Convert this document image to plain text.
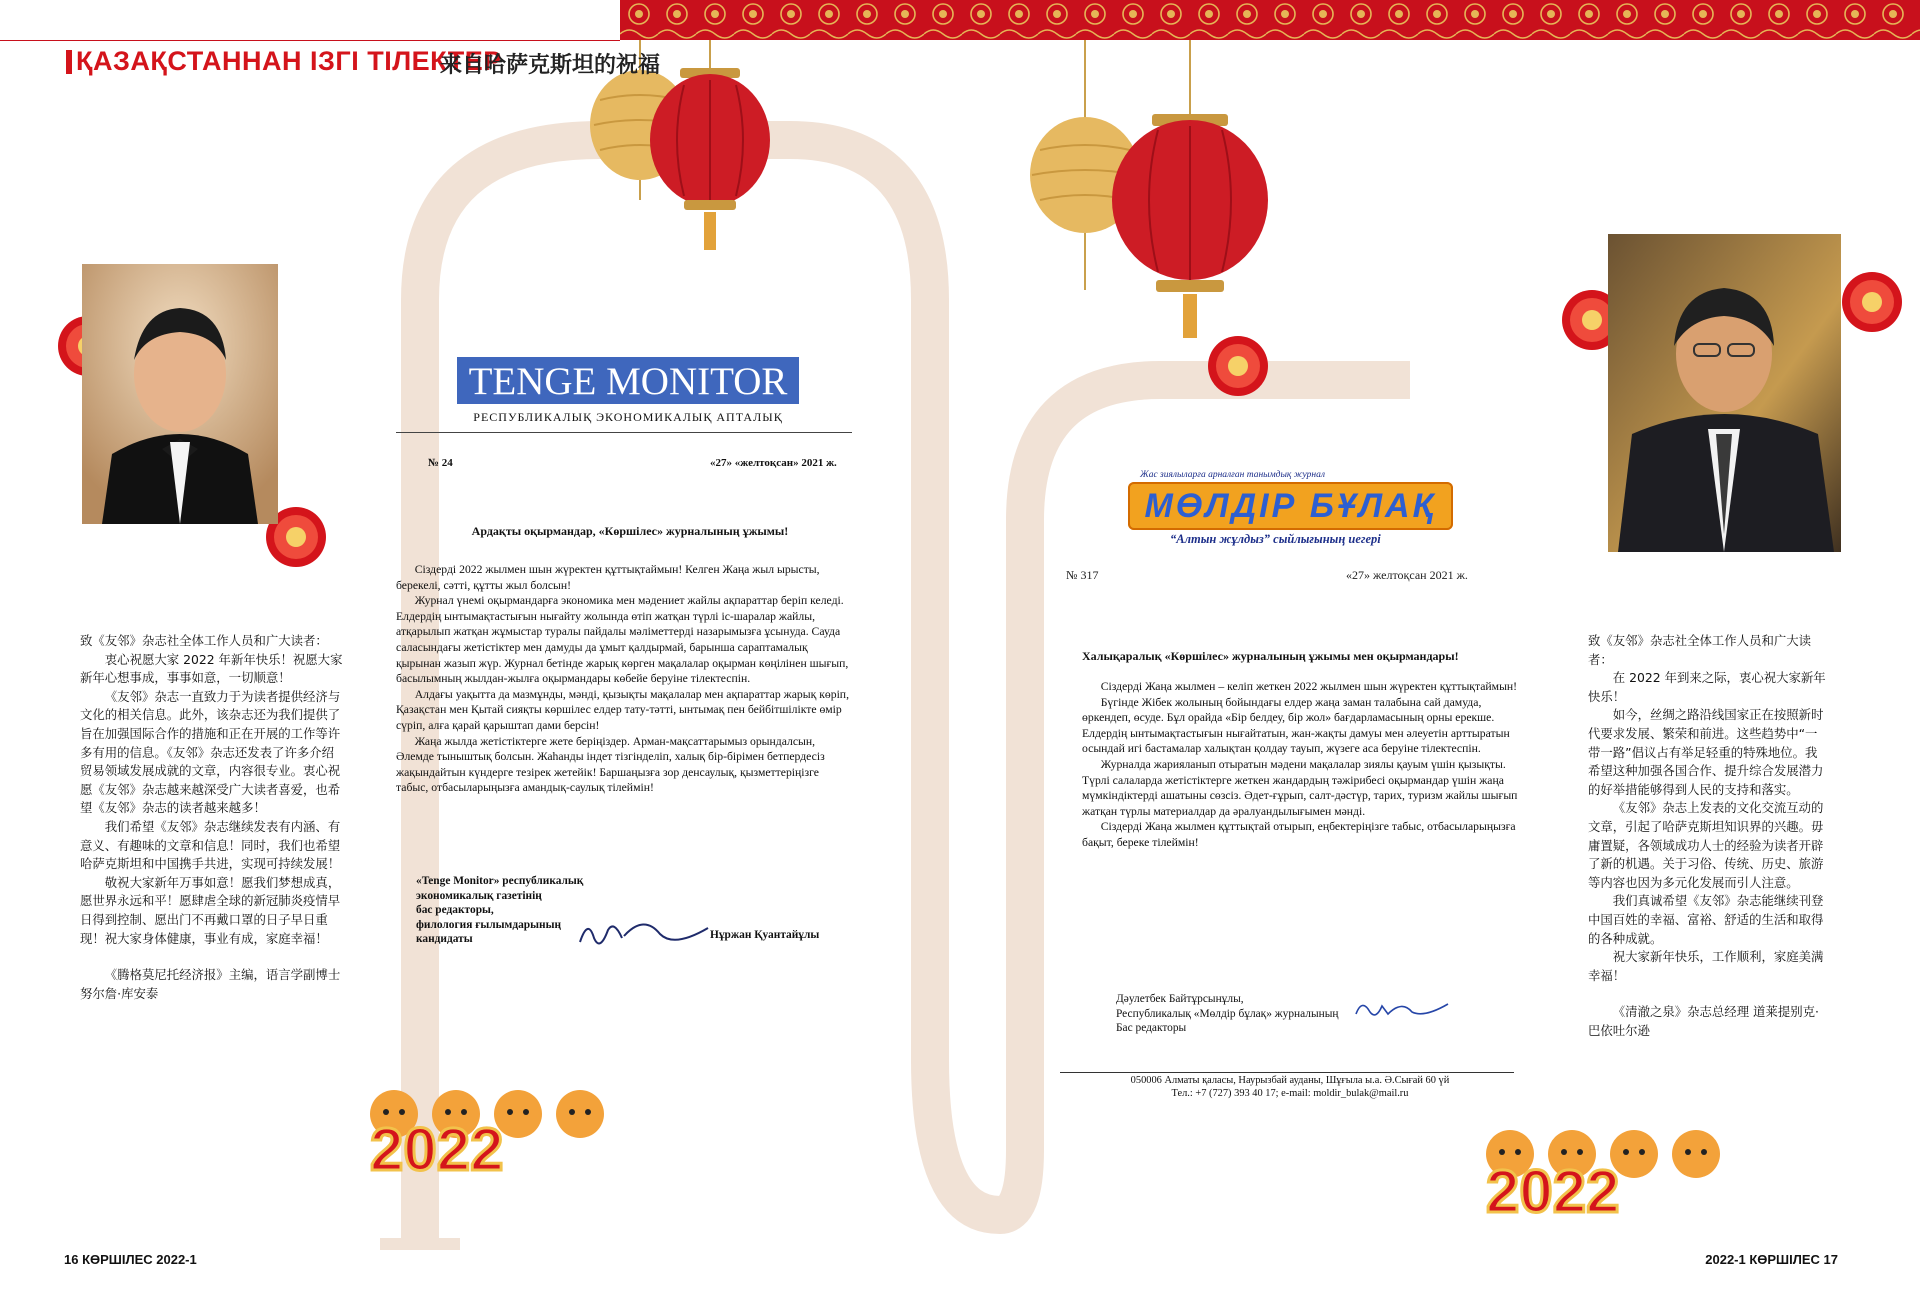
2022
2022
ҚАЗАҚСТАННАН ІЗГІ ТІЛЕКТЕР
来自哈萨克斯坦的祝福

致《友邻》杂志社全体工作人员和广大读者：

衷心祝愿大家 2022 年新年快乐！祝愿大家新年心想事成，事事如意，一切顺意！

《友邻》杂志一直致力于为读者提供经济与文化的相关信息。此外，该杂志还为我们提供了旨在加强国际合作的措施和正在开展的工作等许多有用的信息。《友邻》杂志还发表了许多介绍贸易领域发展成就的文章，内容很专业。衷心祝愿《友邻》杂志越来越深受广大读者喜爱，也希望《友邻》杂志的读者越来越多！

我们希望《友邻》杂志继续发表有内涵、有意义、有趣味的文章和信息！同时，我们也希望哈萨克斯坦和中国携手共进，实现可持续发展！

敬祝大家新年万事如意！愿我们梦想成真，愿世界永远和平！愿肆虐全球的新冠肺炎疫情早日得到控制、愿出门不再戴口罩的日子早日重现！祝大家身体健康，事业有成，家庭幸福！

《腾格莫尼托经济报》主编，语言学副博士努尔詹·库安泰

TENGE MONITOR
РЕСПУБЛИКАЛЫҚ ЭКОНОМИКАЛЫҚ АПТАЛЫҚ
№ 24	«27» «желтоқсан» 2021 ж.
Ардақты оқырмандар, «Көршілес» журналының ұжымы!

Сіздерді 2022 жылмен шын жүректен құттықтаймын! Келген Жаңа жыл ырысты, берекелі, сәтті, құтты жыл болсын!

Журнал үнемі оқырмандарға экономика мен мәдениет жайлы ақпараттар беріп келеді. Елдердің ынтымақтастығын нығайту жолында өтіп жатқан түрлі іс-шаралар жайлы, атқарылып жатқан жұмыстар туралы пайдалы мәліметтерді назарымызға ұсынуда. Сауда саласындағы жетістіктер мен дамуды да ұмыт қалдырмай, барынша сараптамалық қырынан жазып жүр. Журнал бетінде жарық көрген мақалалар оқырман көңілінен шығып, басылымның жылдан-жылға оқырмандары көбейе беруіне тілектеспін.

Алдағы уақытта да мазмұнды, мәнді, қызықты мақалалар мен ақпараттар жарық көріп, Қазақстан мен Қытай сияқты көршілес елдер тату-тәтті, ынтымақ пен бейбітшілікте өмір сүріп, алға қарай қарыштап дами берсін!

Жаңа жылда жетістіктерге жете беріңіздер. Арман-мақсаттарымыз орындалсын, Әлемде тыныштық болсын. Жаһанды індет тізгінделіп, халық бір-бірімен бетпердесіз жақындайтын күндерге тезірек жетейік! Баршаңызға зор денсаулық, қызметтеріңізге табыс, отбасыларыңызға амандық-саулық тілеймін!

«Tenge Monitor» республикалық
экономикалық газетінің
бас редакторы,
филология ғылымдарының
кандидаты	Нұржан Қуантайұлы
Жас зиялыларға арналған танымдық журнал
МӨЛДІР БҰЛАҚ
“Алтын жұлдыз” сыйлығының иегері
№ 317	«27» желтоқсан 2021 ж.
Халықаралық «Көршілес» журналының ұжымы мен оқырмандары!

Сіздерді Жаңа жылмен – келіп жеткен 2022 жылмен шын жүректен құттықтаймын!

Бүгінде Жібек жолының бойындағы елдер жаңа заман талабына сай дамуда, өркендеп, өсуде. Бұл орайда «Бір белдеу, бір жол» бағдарламасының орны ерекше. Елдердің ынтымақтастығын нығайтатын, жан-жақты дамуы мен әлеуетін арттыратын осындай игі бастамалар халықтан қолдау тауып, жүзеге аса беруіне тілектеспін.

Журналда жарияланып отыратын мәдени мақалалар зиялы қауым үшін қызықты. Түрлі салаларда жетістіктерге жеткен жандардың тәжірибесі оқырмандар үшін жаңа мүмкіндіктерді ашатыны сөзсіз. Әдет-ғұрып, салт-дәстүр, тарих, туризм жайлы шығып жатқан түрлы материалдар да әралуандылығымен мәнді.

Сіздерді Жаңа жылмен құттықтай отырып, еңбектеріңізге табыс, отбасыларыңызға бақыт, береке тілеймін!

Дәулетбек Байтұрсынұлы,
Республикалық «Мөлдір бұлақ» журналының
Бас редакторы
050006 Алматы қаласы, Наурызбай ауданы, Шұғыла ы.а. Ә.Сығай 60 үй
Тел.: +7 (727) 393 40 17; e-mail: moldir_bulak@mail.ru

致《友邻》杂志社全体工作人员和广大读者：

在 2022 年到来之际，衷心祝大家新年快乐！

如今，丝绸之路沿线国家正在按照新时代要求发展、繁荣和前进。这些趋势中“一带一路”倡议占有举足轻重的特殊地位。我希望这种加强各国合作、提升综合发展潜力的好举措能够得到人民的支持和落实。

《友邻》杂志上发表的文化交流互动的文章，引起了哈萨克斯坦知识界的兴趣。毋庸置疑，各领域成功人士的经验为读者开辟了新的机遇。关于习俗、传统、历史、旅游等内容也因为多元化发展而引人注意。

我们真诚希望《友邻》杂志能继续刊登中国百姓的幸福、富裕、舒适的生活和取得的各种成就。

祝大家新年快乐，工作顺利，家庭美满幸福！

《清澈之泉》杂志总经理 道莱提别克·巴依吐尔逊

16 КӨРШІЛЕС 2022-1	2022-1 КӨРШІЛЕС 17
